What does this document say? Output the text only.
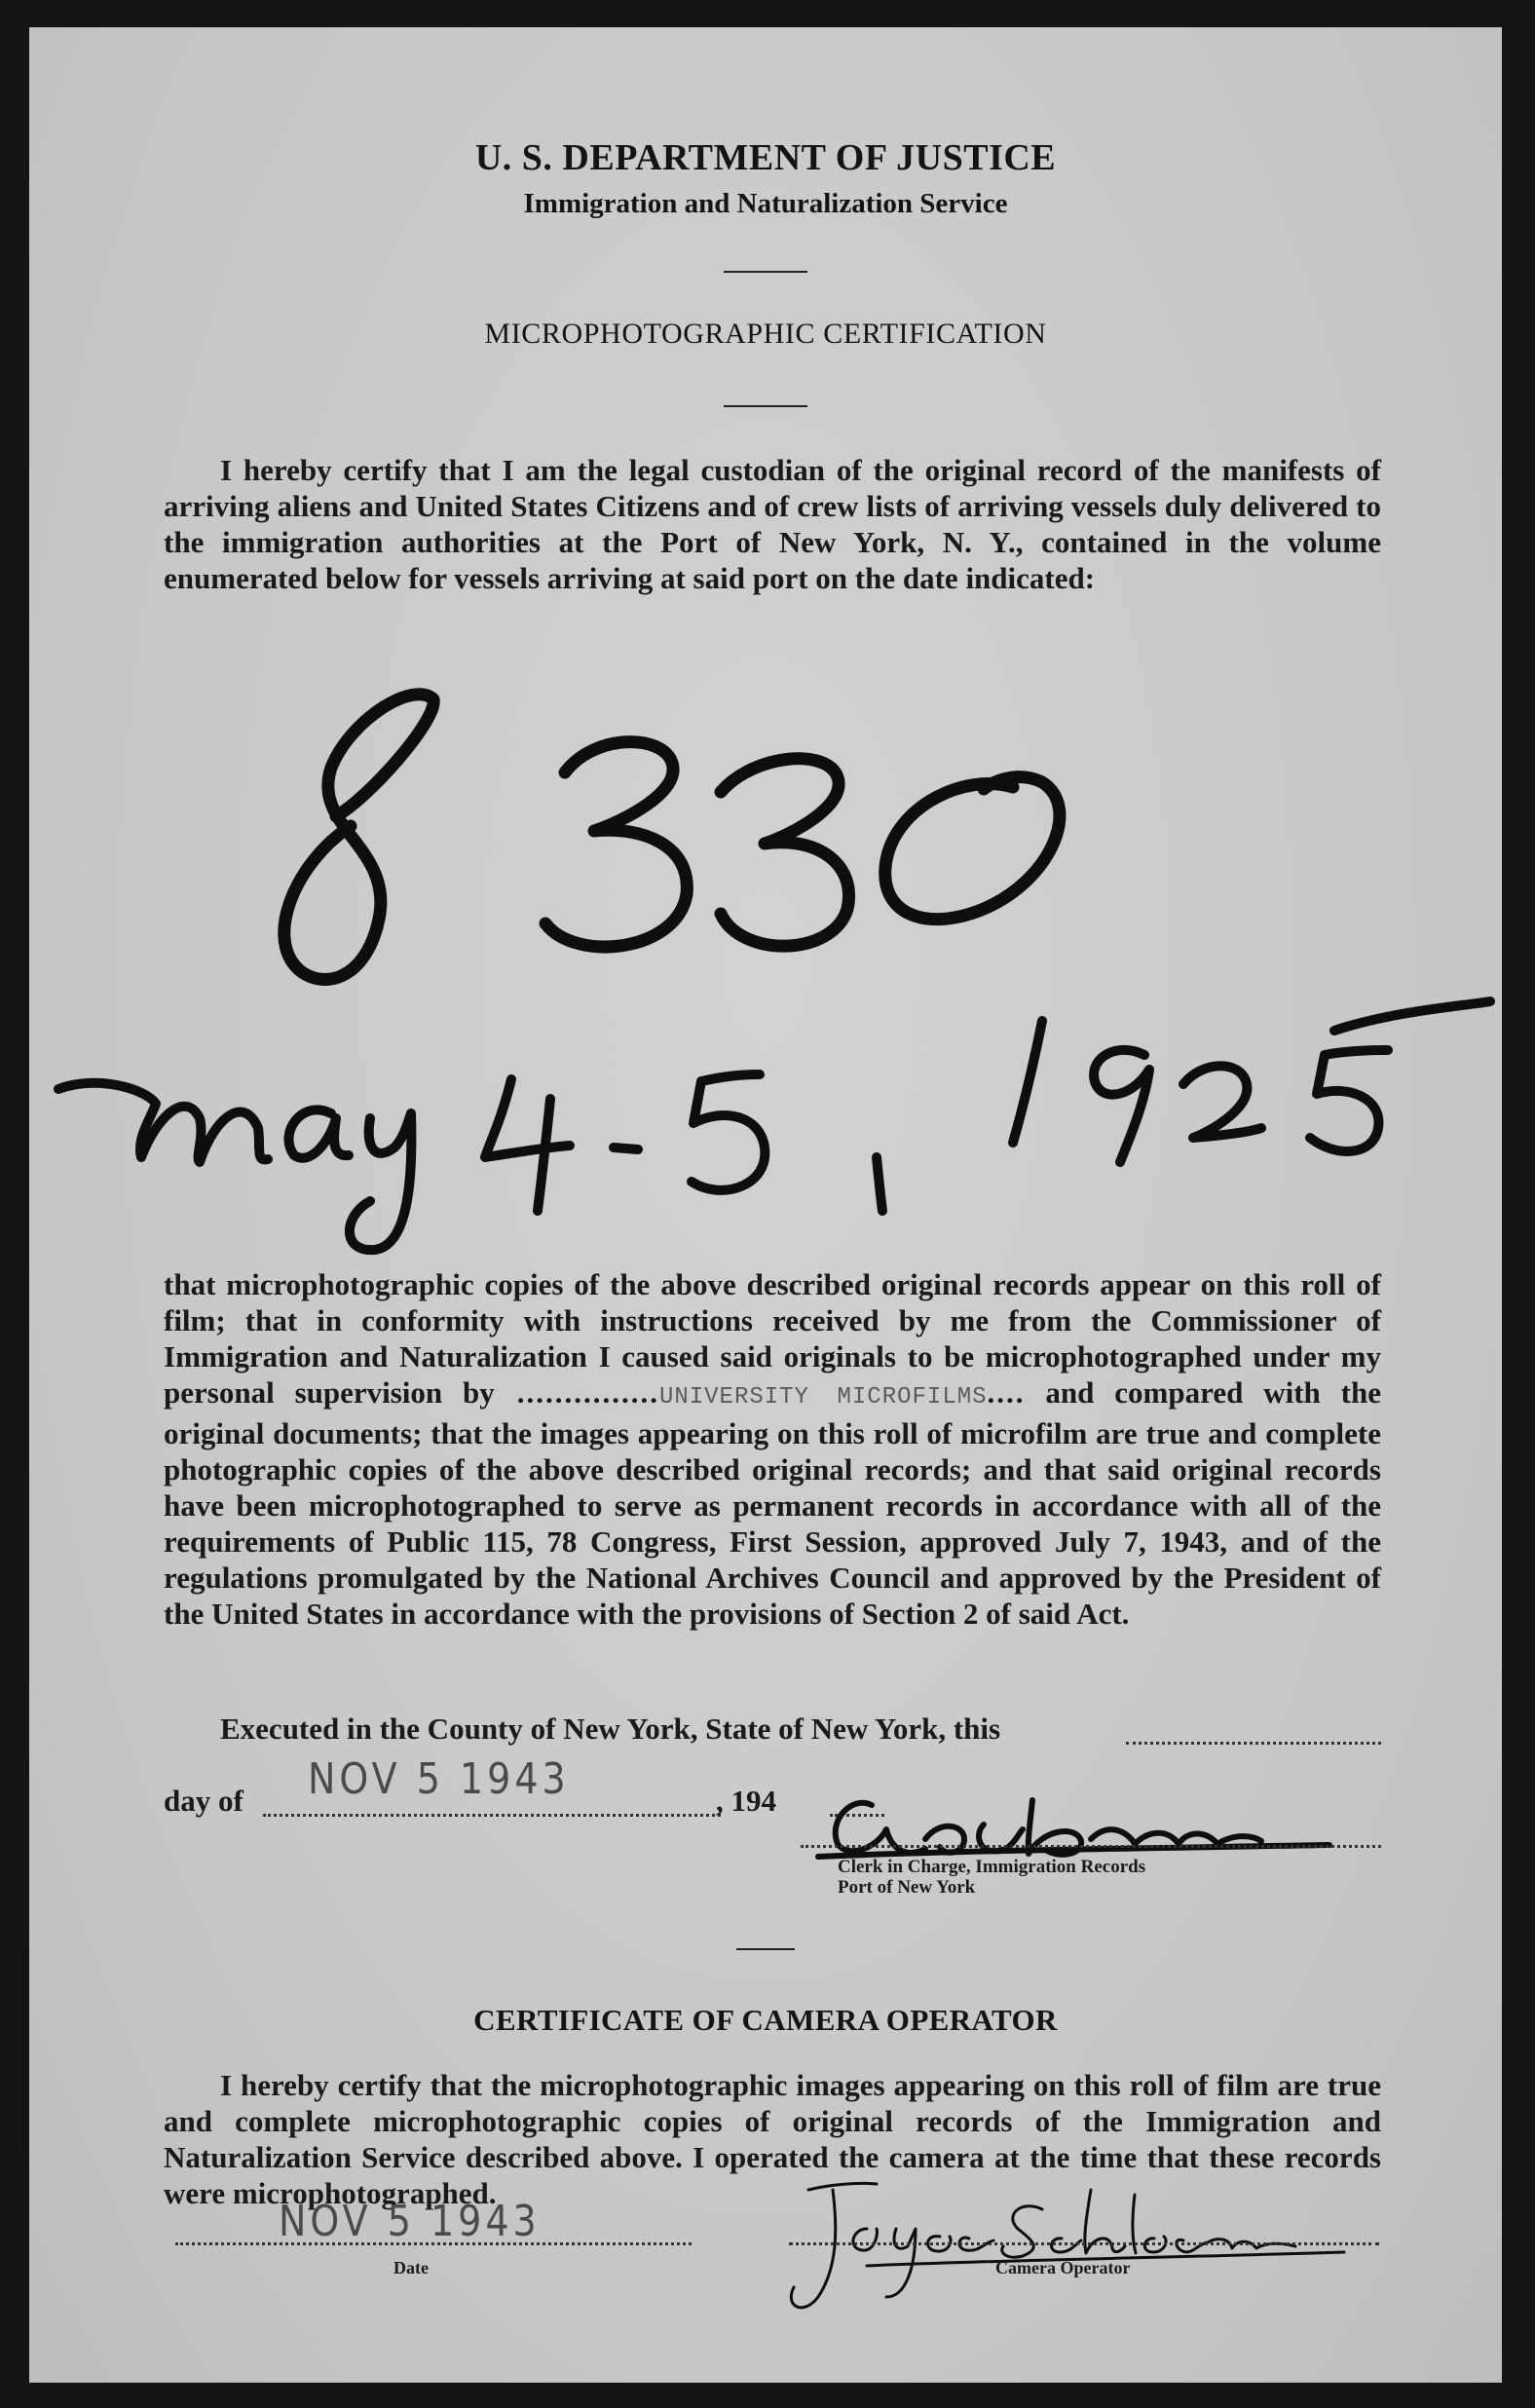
U. S. DEPARTMENT OF JUSTICE
Immigration and Naturalization Service
MICROPHOTOGRAPHIC CERTIFICATION

I hereby certify that I am the legal custodian of the original record of the manifests of arriving aliens and United States Citizens and of crew lists of arriving vessels duly delivered to the immigration authorities at the Port of New York, N. Y., contained in the volume enumerated below for vessels arriving at said port on the date indicated:

that microphotographic copies of the above described original records appear on this roll of film; that in conformity with instructions received by me from the Commissioner of Immigration and Naturalization I caused said originals to be microphotographed under my personal supervision by ...............UNIVERSITY MICROFILMS.... and compared with the original documents; that the images appearing on this roll of microfilm are true and complete photographic copies of the above described original records; and that said original records have been microphotographed to serve as permanent records in accordance with all of the requirements of Public 115, 78 Congress, First Session, approved July 7, 1943, and of the regulations promulgated by the National Archives Council and approved by the President of the United States in accordance with the provisions of Section 2 of said Act.

Executed in the County of New York, State of New York, this

day of	, 194
NOV 5 1943
Clerk in Charge, Immigration Records
Port of New York
CERTIFICATE OF CAMERA OPERATOR

I hereby certify that the microphotographic images appearing on this roll of film are true and complete microphotographic copies of original records of the Immigration and Naturalization Service described above. I operated the camera at the time that these records were microphotographed.

NOV 5 1943
Date	Camera Operator
